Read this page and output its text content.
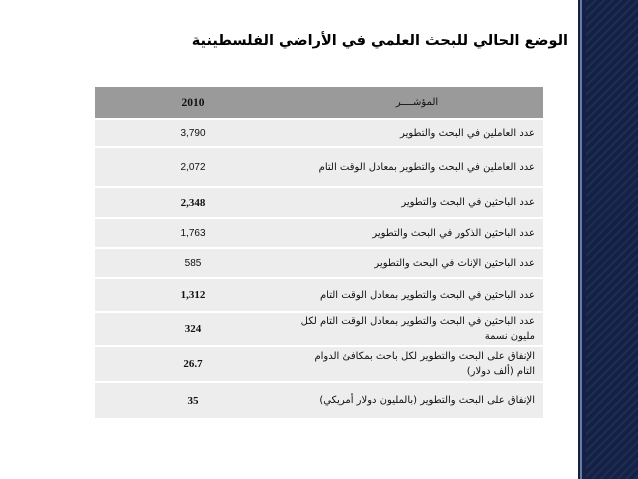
الوضع الحالي للبحث العلمي في الأراضي الفلسطينية
المؤشــــر	2010
عدد العاملين في البحث والتطوير	3,790
عدد العاملين في البحث والتطوير بمعادل الوقت التام	2,072
عدد الباحثين في البحث والتطوير	2,348
عدد الباحثين الذكور في البحث والتطوير	1,763
عدد الباحثين الإناث في البحث والتطوير	585
عدد الباحثين في البحث والتطوير بمعادل الوقت التام	1,312
عدد الباحثين في البحث والتطوير بمعادل الوقت التام لكل مليون نسمة	324
الإنفاق على البحث والتطوير لكل باحث بمكافئ الدوام التام (ألف دولار)	26.7
الإنفاق على البحث والتطوير (بالمليون دولار أمريكي)	35
